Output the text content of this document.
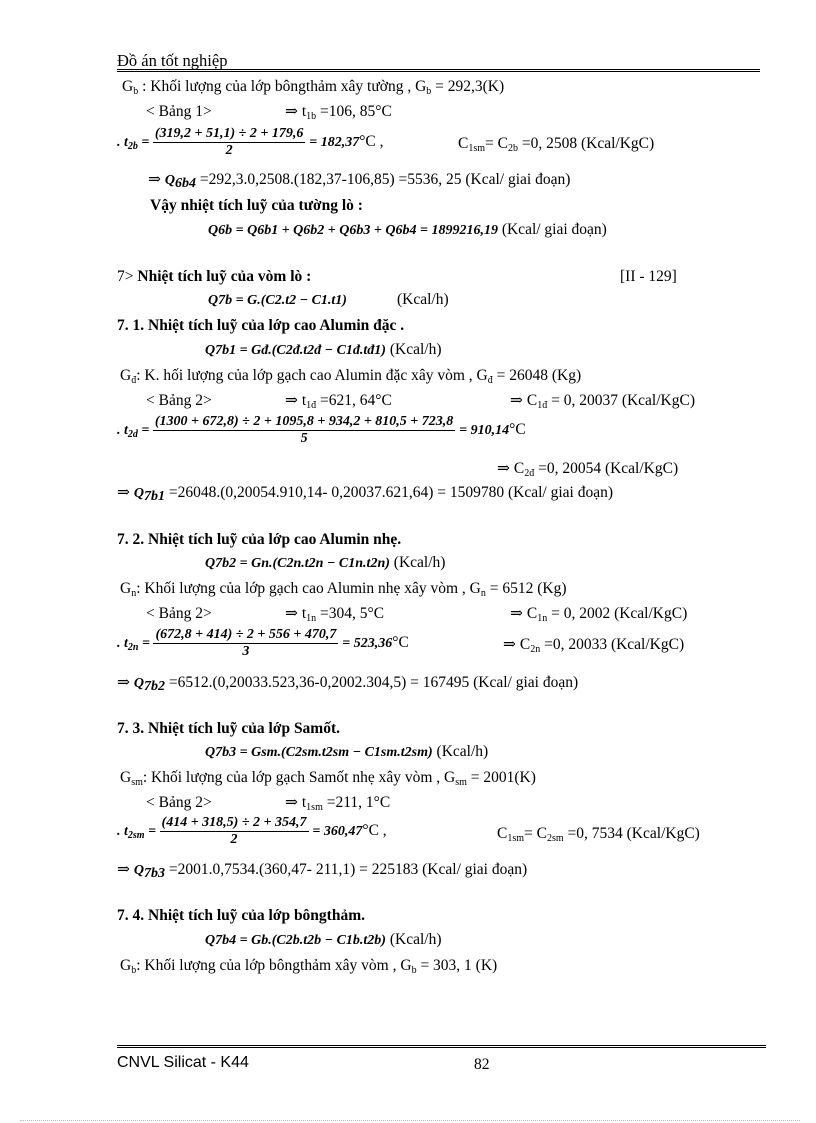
Đồ án tốt nghiệp
$G_b$ : Khối lượng của lớp bôngthảm xây tường , $G_b = 292,3(K)$
< Bảng 1>	⇒ $t_{1b} =106$, 85°C
. $t_{2b} = \frac{(319,2 + 51,1) \div 2 + 179,6}{2} = 182,37^\circ C$ ,	$C_{1sm}= C_{2b} =0$, 2508 (Kcal/KgC)
⇒ $Q_{6b4} =292,3.0,2508.(182,37-106,85) =5536$, 25 (Kcal/ giai đoạn)
Vậy nhiệt tích luỹ của tường lò :
Q6b = Q6b1 + Q6b2 + Q6b3 + Q6b4 = 1899216,19 (Kcal/ giai đoạn)
7> Nhiệt tích luỹ của vòm lò :	[II - 129]
Q7b = G.(C2.t2 − C1.t1)	(Kcal/h)
7. 1. Nhiệt tích luỹ của lớp cao Alumin đặc .
Q7b1 = Gđ.(C2đ.t2đ − C1đ.tđ1) (Kcal/h)
$G_đ$: K. hối lượng của lớp gạch cao Alumin đặc xây vòm , $G_đ = 26048$ (Kg)
< Bảng 2>	⇒ $t_{1đ} =621$, 64°C	⇒ $C_{1đ} = 0$, 20037 (Kcal/KgC)
. $t_{2d} = \frac{(1300 + 672,8) \div 2 + 1095,8 + 934,2 + 810,5 + 723,8}{5} = 910,14^\circ C$
⇒ $C_{2đ} =0$, 20054 (Kcal/KgC)
⇒ $Q_{7b1} =26048.(0,20054.910,14-$ 0,20037.621,64) = 1509780 (Kcal/ giai đoạn)
7. 2. Nhiệt tích luỹ của lớp cao Alumin nhẹ.
Q7b2 = Gn.(C2n.t2n − C1n.t2n) (Kcal/h)
$G_n$: Khối lượng của lớp gạch cao Alumin nhẹ xây vòm , $G_n = 6512$ (Kg)
< Bảng 2>	⇒ $t_{1n} =304$, 5°C	⇒ $C_{1n} = 0$, 2002 (Kcal/KgC)
. $t_{2n} = \frac{(672,8 + 414) \div 2 + 556 + 470,7}{3} = 523,36^\circ C$	⇒ $C_{2n} =0$, 20033 (Kcal/KgC)
⇒ $Q_{7b2} =6512.(0,20033.523,36-0,2002.304,5) = 167495$ (Kcal/ giai đoạn)
7. 3. Nhiệt tích luỹ của lớp Samốt.
Q7b3 = Gsm.(C2sm.t2sm − C1sm.t2sm) (Kcal/h)
$G_{sm}$: Khối lượng của lớp gạch Samốt nhẹ xây vòm , $G_{sm} = 2001(K)$
< Bảng 2>	⇒ $t_{1sm} =211$, 1°C
. $t_{2sm} = \frac{(414 + 318,5) \div 2 + 354,7}{2} = 360,47^\circ C$ ,	$C_{1sm}= C_{2sm} =0$, 7534 (Kcal/KgC)
⇒ $Q_{7b3} =2001.0,7534.(360,47-$ 211,1) = 225183 (Kcal/ giai đoạn)
7. 4. Nhiệt tích luỹ của lớp bôngthảm.
Q7b4 = Gb.(C2b.t2b − C1b.t2b) (Kcal/h)
$G_b$: Khối lượng của lớp bôngthảm xây vòm , $G_b = 303$, 1 (K)
CNVL Silicat - K44	82
